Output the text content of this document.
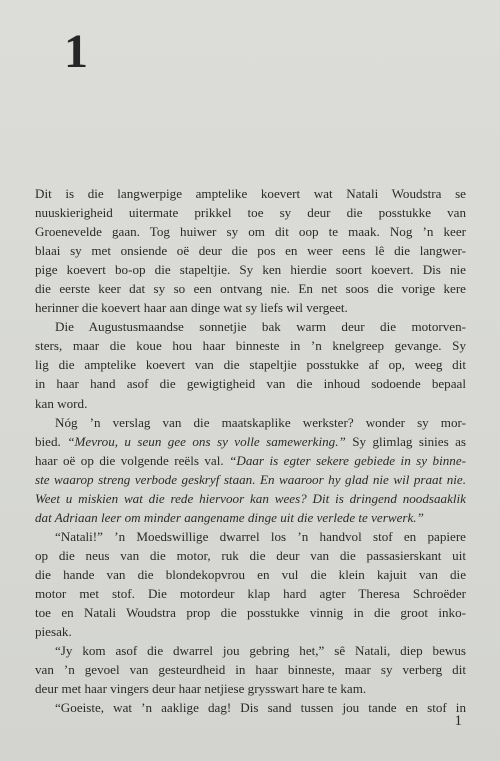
1
Dit is die langwerpige amptelike koevert wat Natali Woudstra se
nuuskierigheid uitermate prikkel toe sy deur die posstukke van
Groenevelde gaan. Tog huiwer sy om dit oop te maak. Nog ’n keer
blaai sy met onsiende oë deur die pos en weer eens lê die langwer-
pige koevert bo-op die stapeltjie. Sy ken hierdie soort koevert. Dis nie
die eerste keer dat sy so een ontvang nie. En net soos die vorige kere
herinner die koevert haar aan dinge wat sy liefs wil vergeet.
Die Augustusmaandse sonnetjie bak warm deur die motorven-
sters, maar die koue hou haar binneste in ’n knelgreep gevange. Sy
lig die amptelike koevert van die stapeltjie posstukke af op, weeg dit
in haar hand asof die gewigtigheid van die inhoud sodoende bepaal
kan word.
Nóg ’n verslag van die maatskaplike werkster? wonder sy mor-
bied. “Mevrou, u seun gee ons sy volle samewerking.” Sy glimlag sinies as
haar oë op die volgende reëls val. “Daar is egter sekere gebiede in sy binne-
ste waarop streng verbode geskryf staan. En waaroor hy glad nie wil praat nie.
Weet u miskien wat die rede hiervoor kan wees? Dit is dringend noodsaaklik
dat Adriaan leer om minder aangename dinge uit die verlede te verwerk.”
“Natali!” ’n Moedswillige dwarrel los ’n handvol stof en papiere
op die neus van die motor, ruk die deur van die passasierskant uit
die hande van die blondekopvrou en vul die klein kajuit van die
motor met stof. Die motordeur klap hard agter Theresa Schroëder
toe en Natali Woudstra prop die posstukke vinnig in die groot inko-
piesak.
“Jy kom asof die dwarrel jou gebring het,” sê Natali, diep bewus
van ’n gevoel van gesteurdheid in haar binneste, maar sy verberg dit
deur met haar vingers deur haar netjiese grysswart hare te kam.
“Goeiste, wat ’n aaklige dag! Dis sand tussen jou tande en stof in
1
